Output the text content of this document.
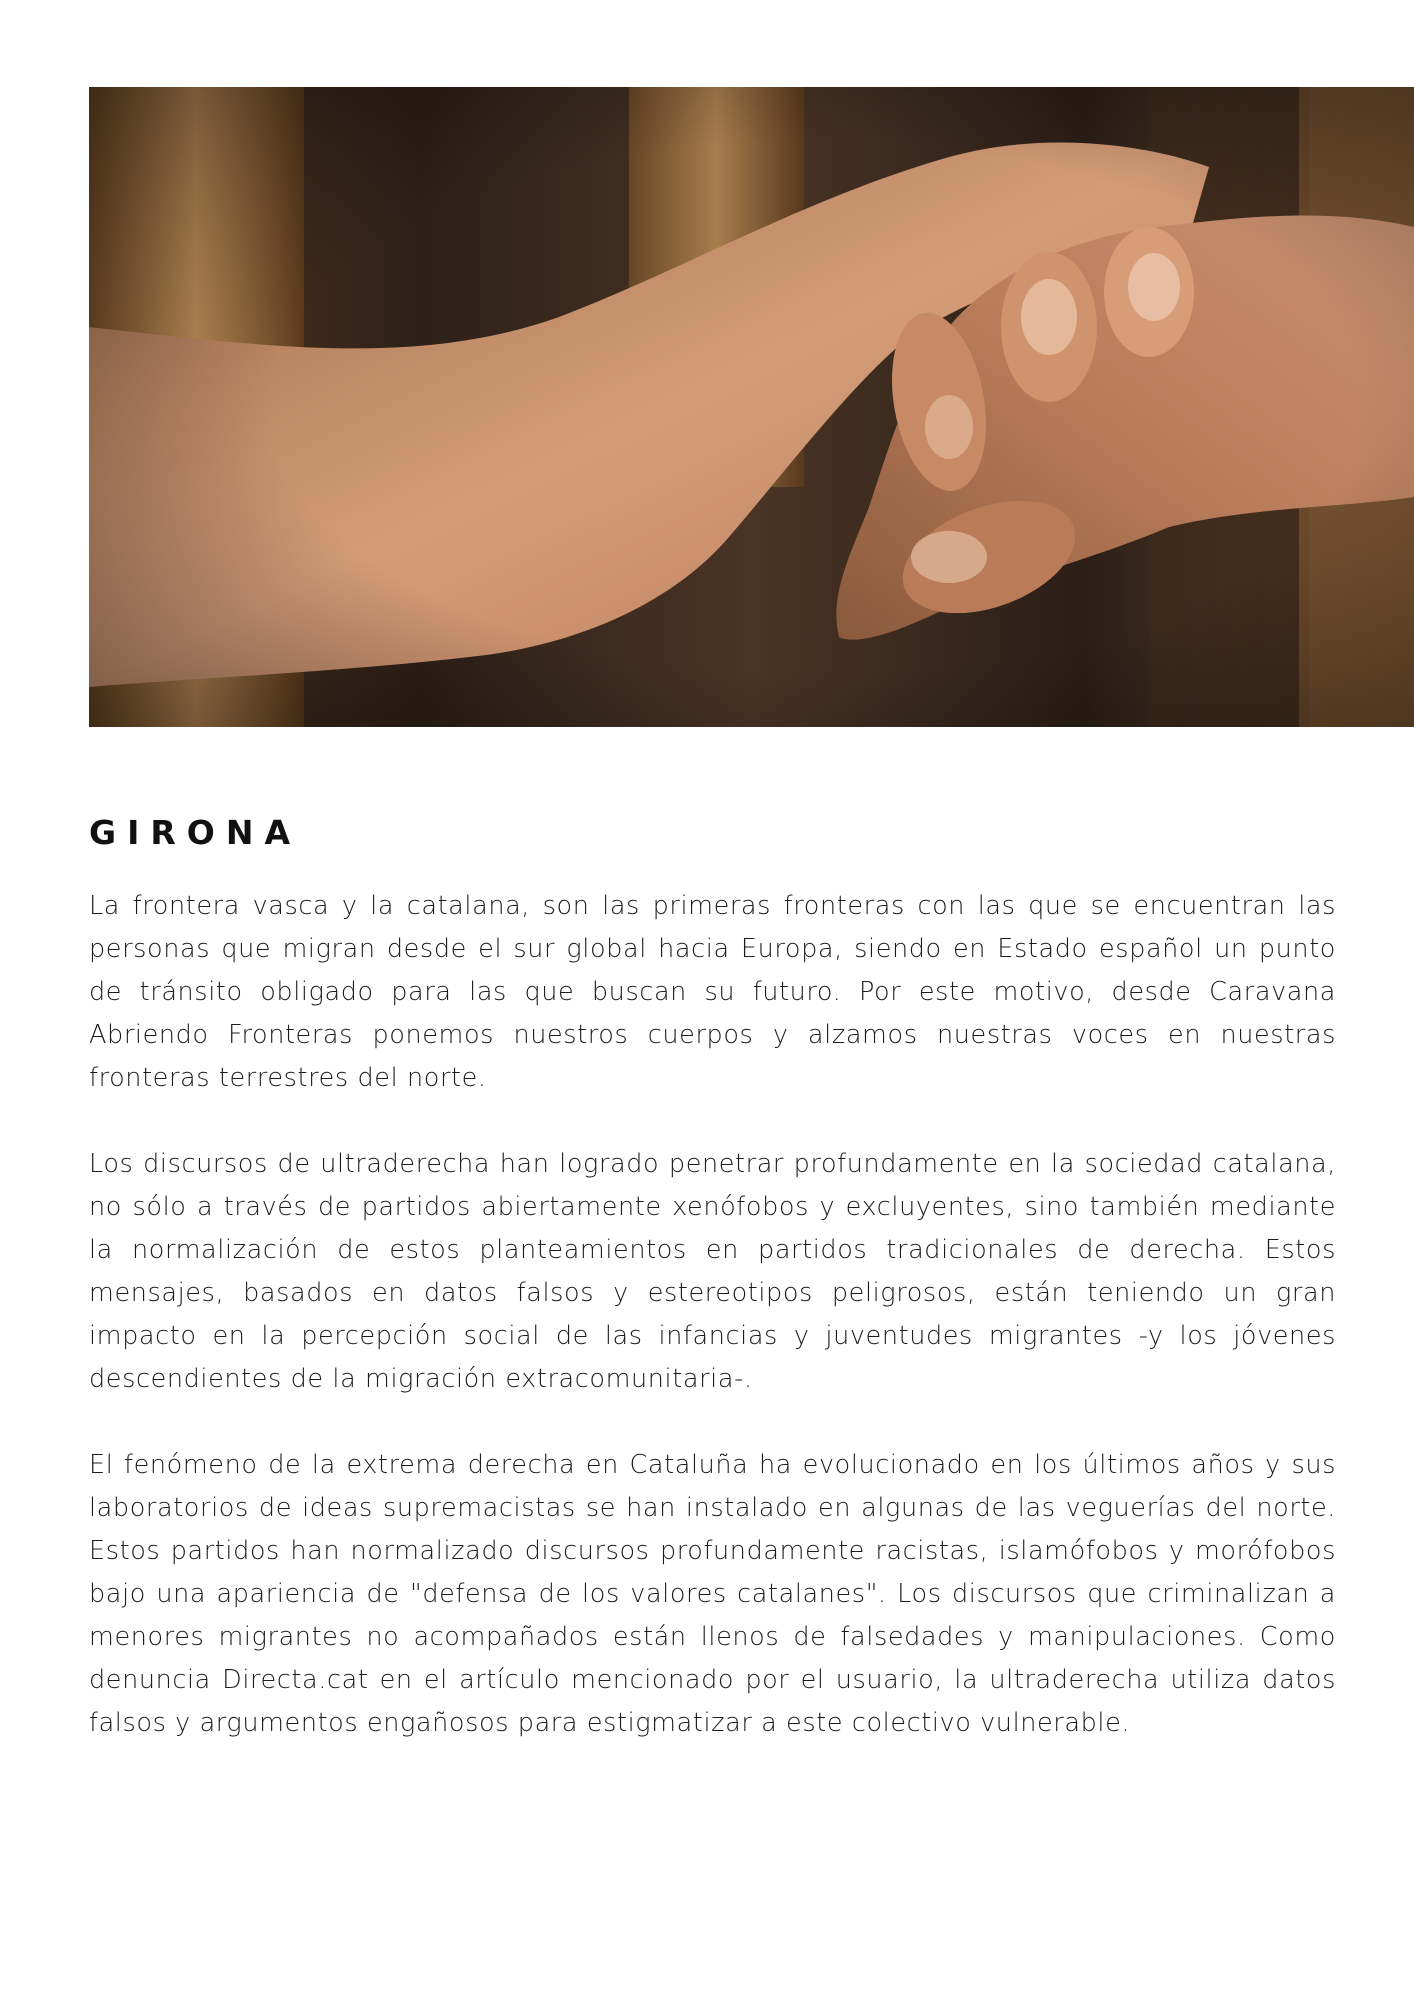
GIRONA

La frontera vasca y la catalana, son las primeras fronteras con las que se encuentran las personas que migran desde el sur global hacia Europa, siendo en Estado español un punto de tránsito obligado para las que buscan su futuro. Por este motivo, desde Caravana Abriendo Fronteras ponemos nuestros cuerpos y alzamos nuestras voces en nuestras fronteras terrestres del norte.

Los discursos de ultraderecha han logrado penetrar profundamente en la sociedad catalana, no sólo a través de partidos abiertamente xenófobos y excluyentes, sino también mediante la normalización de estos planteamientos en partidos tradicionales de derecha. Estos mensajes, basados en datos falsos y estereotipos peligrosos, están teniendo un gran impacto en la percepción social de las infancias y juventudes migrantes -y los jóvenes descendientes de la migración extracomunitaria-.

El fenómeno de la extrema derecha en Cataluña ha evolucionado en los últimos años y sus laboratorios de ideas supremacistas se han instalado en algunas de las veguerías del norte. Estos partidos han normalizado discursos profundamente racistas, islamófobos y morófobos bajo una apariencia de "defensa de los valores catalanes". Los discursos que criminalizan a menores migrantes no acompañados están llenos de falsedades y manipulaciones. Como denuncia Directa.cat en el artículo mencionado por el usuario, la ultraderecha utiliza datos falsos y argumentos engañosos para estigmatizar a este colectivo vulnerable.
